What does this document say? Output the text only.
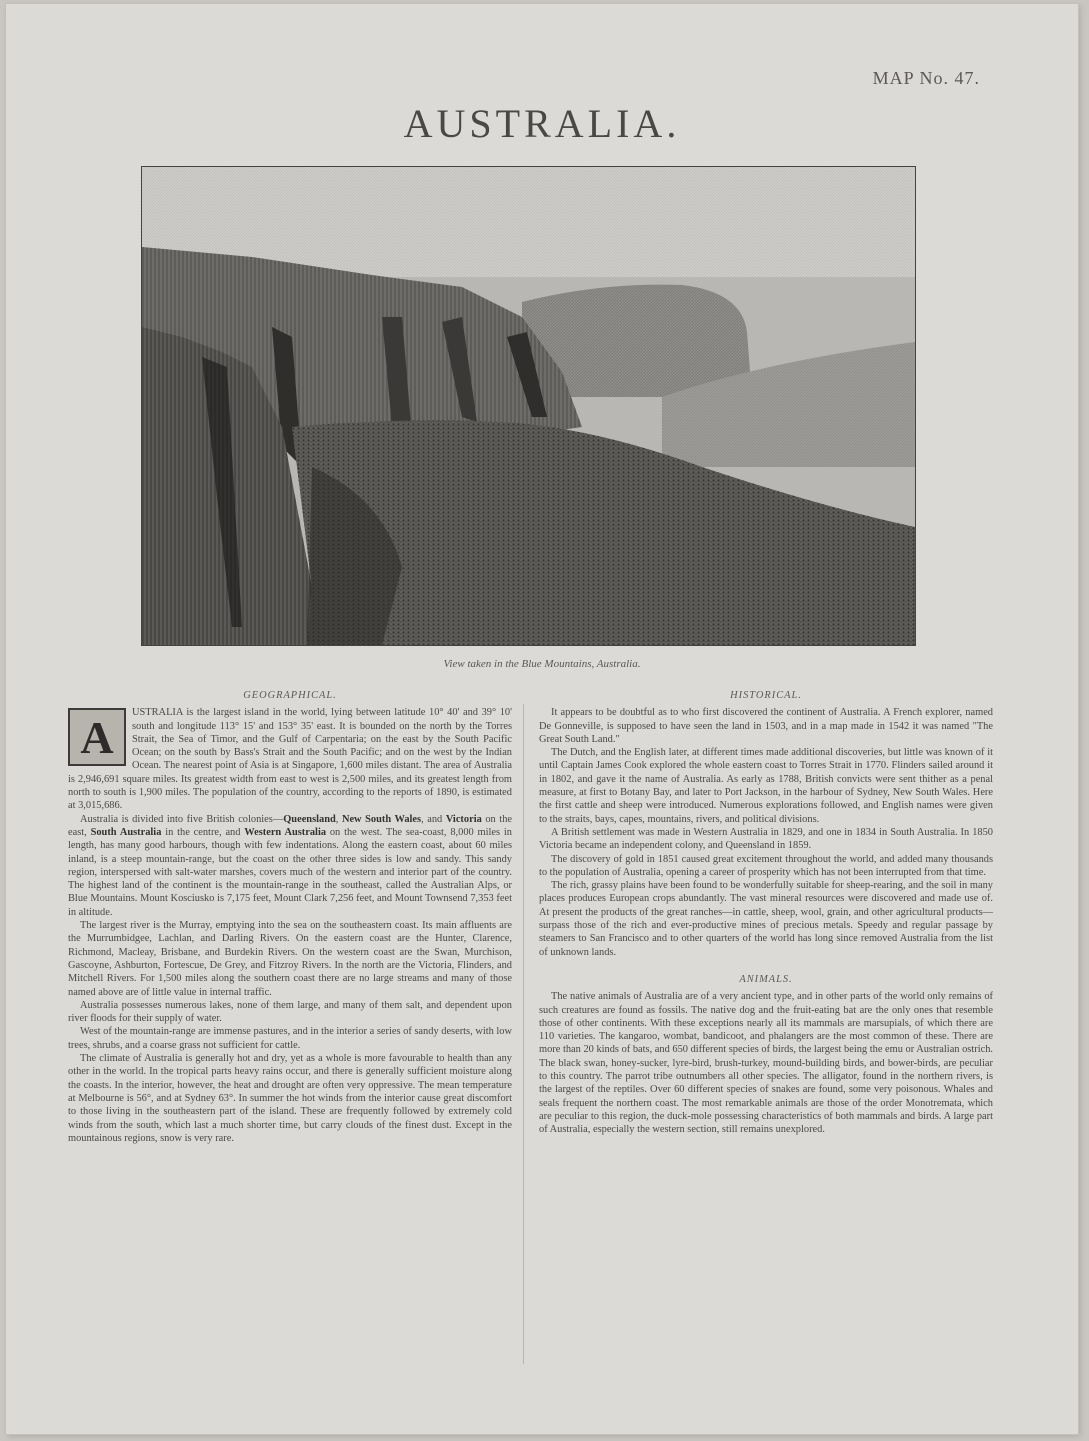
MAP No. 47.
AUSTRALIA.
View taken in the Blue Mountains, Australia.
GEOGRAPHICAL.
A	USTRALIA is the largest island in the world, lying between latitude 10° 40' and 39° 10' south and longitude 113° 15' and 153° 35' east. It is bounded on the north by the Torres Strait, the Sea of Timor, and the Gulf of Carpentaria; on the east by the South Pacific Ocean; on the south by Bass's Strait and the South Pacific; and on the west by the Indian Ocean. The nearest point of Asia is at Singapore, 1,600 miles distant. The area of Australia is 2,946,691 square miles. Its greatest width from east to west is 2,500 miles, and its greatest length from north to south is 1,900 miles. The population of the country, according to the reports of 1890, is estimated at 3,015,686.

Australia is divided into five British colonies—Queensland, New South Wales, and Victoria on the east, South Australia in the centre, and Western Australia on the west. The sea-coast, 8,000 miles in length, has many good harbours, though with few indentations. Along the eastern coast, about 60 miles inland, is a steep mountain-range, but the coast on the other three sides is low and sandy. This sandy region, interspersed with salt-water marshes, covers much of the western and interior part of the country. The highest land of the continent is the mountain-range in the southeast, called the Australian Alps, or Blue Mountains. Mount Kosciusko is 7,175 feet, Mount Clark 7,256 feet, and Mount Townsend 7,353 feet in altitude.

The largest river is the Murray, emptying into the sea on the southeastern coast. Its main affluents are the Murrumbidgee, Lachlan, and Darling Rivers. On the eastern coast are the Hunter, Clarence, Richmond, Macleay, Brisbane, and Burdekin Rivers. On the western coast are the Swan, Murchison, Gascoyne, Ashburton, Fortescue, De Grey, and Fitzroy Rivers. In the north are the Victoria, Flinders, and Mitchell Rivers. For 1,500 miles along the southern coast there are no large streams and many of those named above are of little value in internal traffic.

Australia possesses numerous lakes, none of them large, and many of them salt, and dependent upon river floods for their supply of water.

West of the mountain-range are immense pastures, and in the interior a series of sandy deserts, with low trees, shrubs, and a coarse grass not sufficient for cattle.

The climate of Australia is generally hot and dry, yet as a whole is more favourable to health than any other in the world. In the tropical parts heavy rains occur, and there is generally sufficient moisture along the coasts. In the interior, however, the heat and drought are often very oppressive. The mean temperature at Melbourne is 56°, and at Sydney 63°. In summer the hot winds from the interior cause great discomfort to those living in the southeastern part of the island. These are frequently followed by extremely cold winds from the south, which last a much shorter time, but carry clouds of the finest dust. Except in the mountainous regions, snow is very rare.

HISTORICAL.

It appears to be doubtful as to who first discovered the continent of Australia. A French explorer, named De Gonneville, is supposed to have seen the land in 1503, and in a map made in 1542 it was named "The Great South Land."

The Dutch, and the English later, at different times made additional discoveries, but little was known of it until Captain James Cook explored the whole eastern coast to Torres Strait in 1770. Flinders sailed around it in 1802, and gave it the name of Australia. As early as 1788, British convicts were sent thither as a penal measure, at first to Botany Bay, and later to Port Jackson, in the harbour of Sydney, New South Wales. Here the first cattle and sheep were introduced. Numerous explorations followed, and English names were given to the straits, bays, capes, mountains, rivers, and political divisions.

A British settlement was made in Western Australia in 1829, and one in 1834 in South Australia. In 1850 Victoria became an independent colony, and Queensland in 1859.

The discovery of gold in 1851 caused great excitement throughout the world, and added many thousands to the population of Australia, opening a career of prosperity which has not been interrupted from that time.

The rich, grassy plains have been found to be wonderfully suitable for sheep-rearing, and the soil in many places produces European crops abundantly. The vast mineral resources were discovered and made use of. At present the products of the great ranches—in cattle, sheep, wool, grain, and other agricultural products—surpass those of the rich and ever-productive mines of precious metals. Speedy and regular passage by steamers to San Francisco and to other quarters of the world has long since removed Australia from the list of unknown lands.

ANIMALS.

The native animals of Australia are of a very ancient type, and in other parts of the world only remains of such creatures are found as fossils. The native dog and the fruit-eating bat are the only ones that resemble those of other continents. With these exceptions nearly all its mammals are marsupials, of which there are 110 varieties. The kangaroo, wombat, bandicoot, and phalangers are the most common of these. There are more than 20 kinds of bats, and 650 different species of birds, the largest being the emu or Australian ostrich. The black swan, honey-sucker, lyre-bird, brush-turkey, mound-building birds, and bower-birds, are peculiar to this country. The parrot tribe outnumbers all other species. The alligator, found in the northern rivers, is the largest of the reptiles. Over 60 different species of snakes are found, some very poisonous. Whales and seals frequent the northern coast. The most remarkable animals are those of the order Monotremata, which are peculiar to this region, the duck-mole possessing characteristics of both mammals and birds. A large part of Australia, especially the western section, still remains unexplored.
